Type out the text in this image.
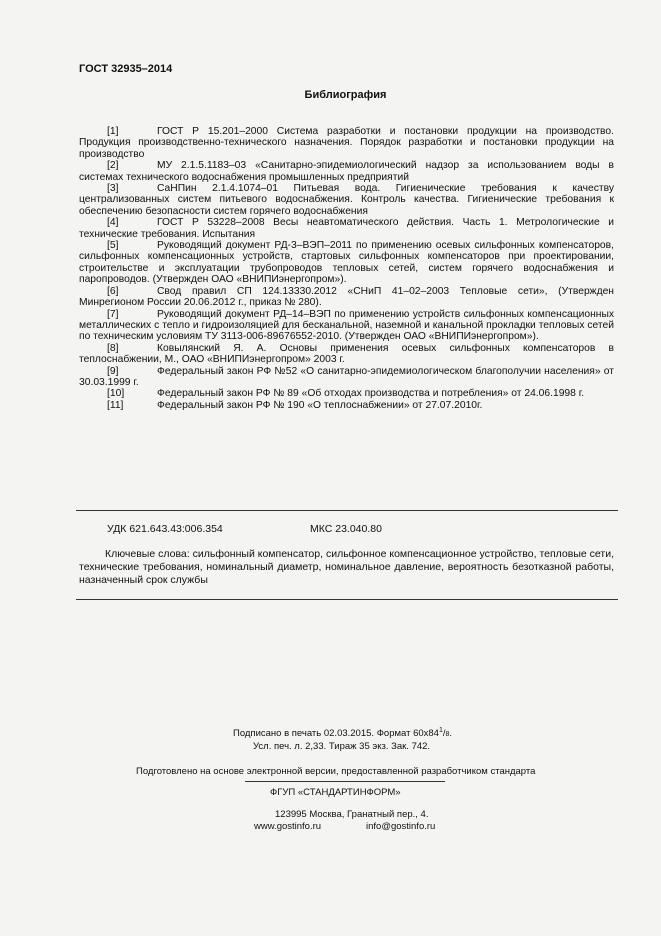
ГОСТ 32935–2014
Библиография

[1]	ГОСТ Р 15.201–2000 Система разработки и постановки продукции на производство. Продукция производственно-технического назначения. Порядок разработки и постановки продукции на производство

[2]	МУ 2.1.5.1183–03 «Санитарно-эпидемиологический надзор за использованием воды в системах технического водоснабжения промышленных предприятий

[3]	СаНПин 2.1.4.1074–01 Питьевая вода. Гигиенические требования к качеству централизованных систем питьевого водоснабжения. Контроль качества. Гигиенические требования к обеспечению безопасности систем горячего водоснабжения

[4]	ГОСТ Р 53228–2008 Весы неавтоматического действия. Часть 1. Метрологические и технические требования. Испытания

[5]	Руководящий документ РД-3–ВЭП–2011 по применению осевых сильфонных компенсаторов, сильфонных компенсационных устройств, стартовых сильфонных компенсаторов при проектировании, строительстве и эксплуатации трубопроводов тепловых сетей, систем горячего водоснабжения и паропроводов. (Утвержден ОАО «ВНИПИэнергопром»).

[6]	Свод правил СП 124.13330.2012 «СНиП 41–02–2003 Тепловые сети», (Утвержден Минрегионом России 20.06.2012 г., приказ № 280).

[7]	Руководящий документ РД–14–ВЭП по применению устройств сильфонных компенсационных металлических с тепло и гидроизоляцией для бесканальной, наземной и канальной прокладки тепловых сетей по техническим условиям ТУ 3113-006-89676552-2010. (Утвержден ОАО «ВНИПИэнергопром»).

[8]	Ковылянский Я. А. Основы применения осевых сильфонных компенсаторов в теплоснабжении, М., ОАО «ВНИПИэнергопром» 2003 г.

[9]	Федеральный закон РФ №52 «О санитарно-эпидемиологическом благополучии населения» от 30.03.1999 г.

[10]	Федеральный закон РФ № 89 «Об отходах производства и потребления» от 24.06.1998 г.

[11]	Федеральный закон РФ № 190 «О теплоснабжении» от 27.07.2010г.

УДК 621.643.43:006.354	МКС 23.040.80
Ключевые слова: сильфонный компенсатор, сильфонное компенсационное устройство, тепловые сети, технические требования, номинальный диаметр, номинальное давление, вероятность безотказной работы, назначенный срок службы
Подписано в печать 02.03.2015. Формат $60x84^1/8$.
Усл. печ. л. 2,33. Тираж 35 экз. Зак. 742.
Подготовлено на основе электронной версии, предоставленной разработчиком стандарта
ФГУП «СТАНДАРТИНФОРМ»
123995 Москва, Гранатный пер., 4.
www.gostinfo.ru	info@gostinfo.ru
